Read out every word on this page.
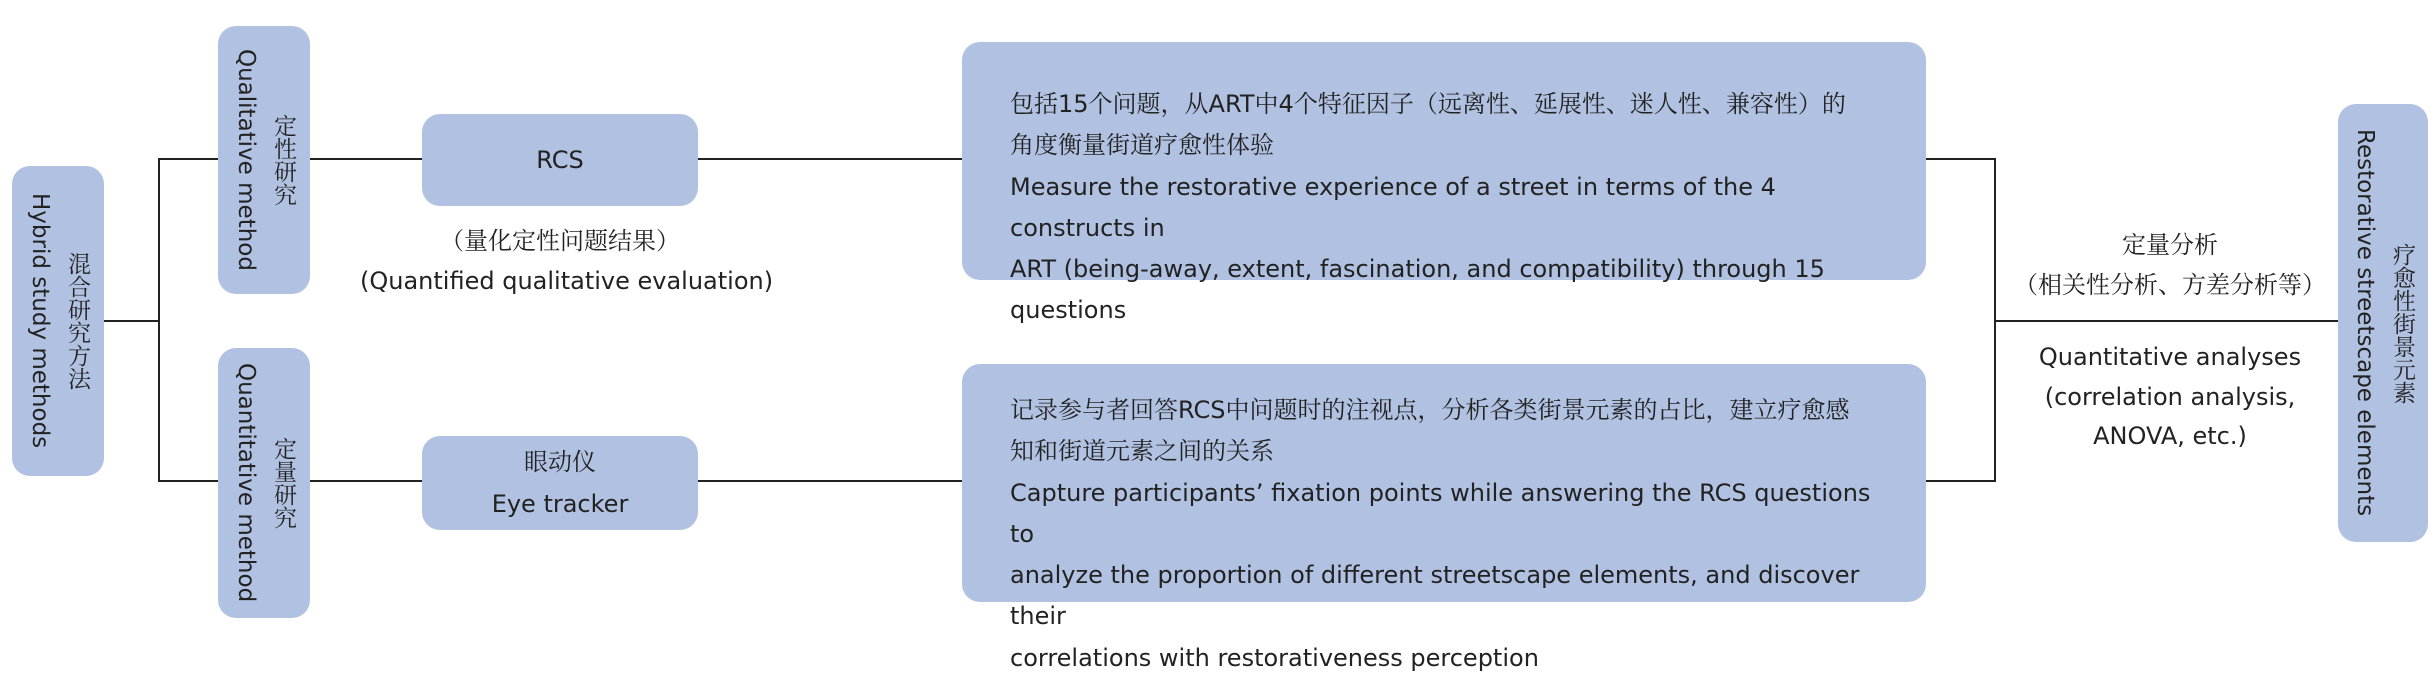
混合研究方法
Hybrid study methods
定性研究
Qualitative method
定量研究
Quantitative method
RCS
眼动仪
Eye tracker

（量化定性问题结果）

(Quantified qualitative evaluation)

包括15个问题，从ART中4个特征因子（远离性、延展性、迷人性、兼容性）的

角度衡量街道疗愈性体验

Measure the restorative experience of a street in terms of the 4 constructs in

ART (being-away, extent, fascination, and compatibility) through 15 questions

记录参与者回答RCS中问题时的注视点，分析各类街景元素的占比，建立疗愈感

知和街道元素之间的关系

Capture participants’ fixation points while answering the RCS questions to

analyze the proportion of different streetscape elements, and discover their

correlations with restorativeness perception

定量分析

（相关性分析、方差分析等）

Quantitative analyses

(correlation analysis,

ANOVA, etc.)

疗愈性街景元素
Restorative streetscape elements
